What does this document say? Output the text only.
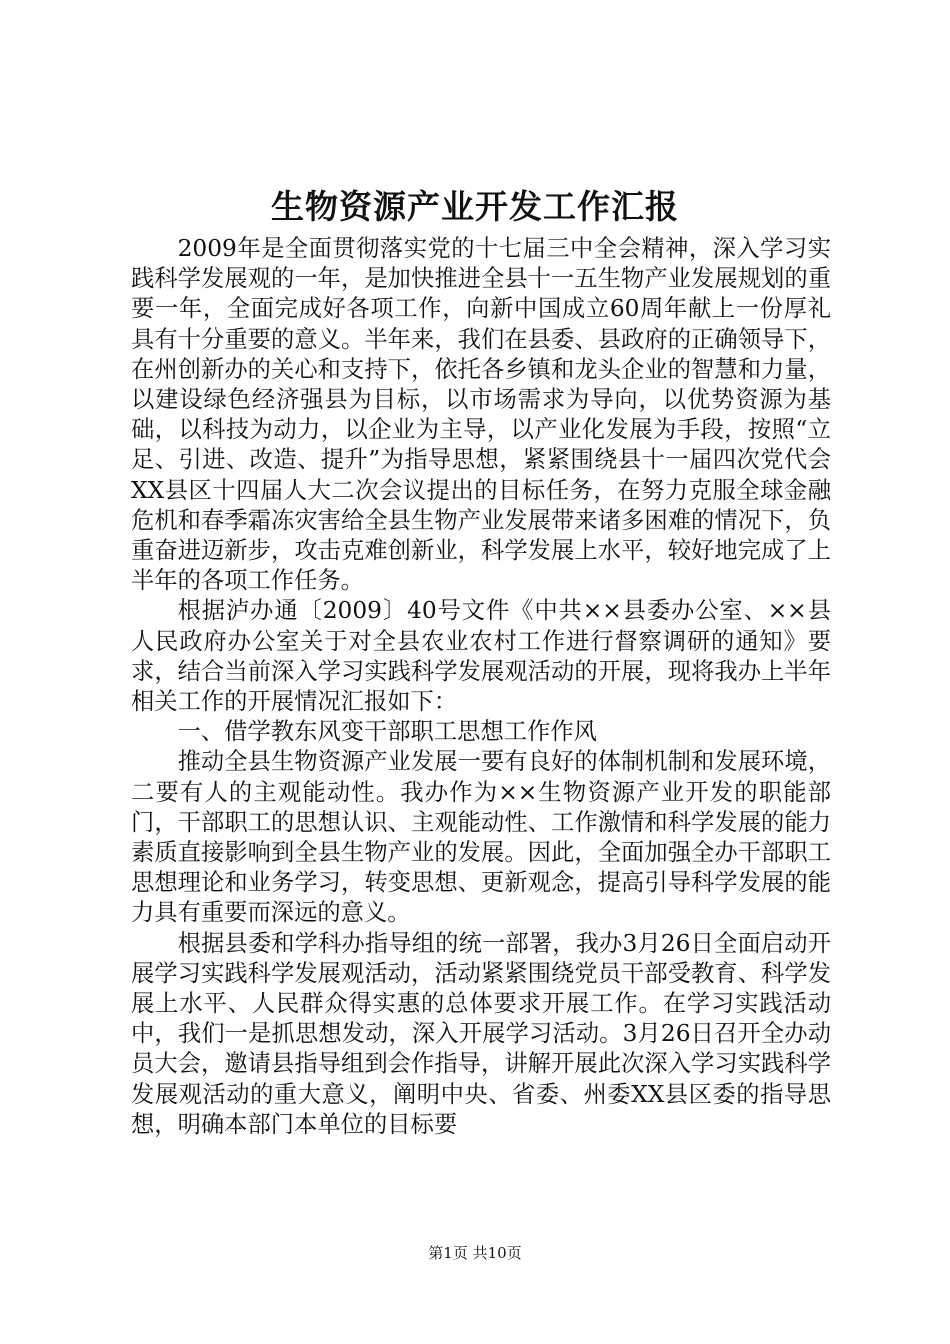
生物资源产业开发工作汇报

2009年是全面贯彻落实党的十七届三中全会精神，深入学习实践科学发展观的一年，是加快推进全县十一五生物产业发展规划的重要一年，全面完成好各项工作，向新中国成立60周年献上一份厚礼具有十分重要的意义。半年来，我们在县委、县政府的正确领导下，在州创新办的关心和支持下，依托各乡镇和龙头企业的智慧和力量，以建设绿色经济强县为目标，以市场需求为导向，以优势资源为基础，以科技为动力，以企业为主导，以产业化发展为手段，按照“立足、引进、改造、提升”为指导思想，紧紧围绕县十一届四次党代会XX县区十四届人大二次会议提出的目标任务，在努力克服全球金融危机和春季霜冻灾害给全县生物产业发展带来诸多困难的情况下，负重奋进迈新步，攻击克难创新业，科学发展上水平，较好地完成了上半年的各项工作任务。

根据泸办通〔2009〕40号文件《中共××县委办公室、××县人民政府办公室关于对全县农业农村工作进行督察调研的通知》要求，结合当前深入学习实践科学发展观活动的开展，现将我办上半年相关工作的开展情况汇报如下：

一、借学教东风变干部职工思想工作作风

推动全县生物资源产业发展一要有良好的体制机制和发展环境，二要有人的主观能动性。我办作为××生物资源产业开发的职能部门，干部职工的思想认识、主观能动性、工作激情和科学发展的能力素质直接影响到全县生物产业的发展。因此，全面加强全办干部职工思想理论和业务学习，转变思想、更新观念，提高引导科学发展的能力具有重要而深远的意义。

根据县委和学科办指导组的统一部署，我办3月26日全面启动开展学习实践科学发展观活动，活动紧紧围绕党员干部受教育、科学发展上水平、人民群众得实惠的总体要求开展工作。在学习实践活动中，我们一是抓思想发动，深入开展学习活动。3月26日召开全办动员大会，邀请县指导组到会作指导，讲解开展此次深入学习实践科学发展观活动的重大意义，阐明中央、省委、州委XX县区委的指导思想，明确本部门本单位的目标要

第1页 共10页
